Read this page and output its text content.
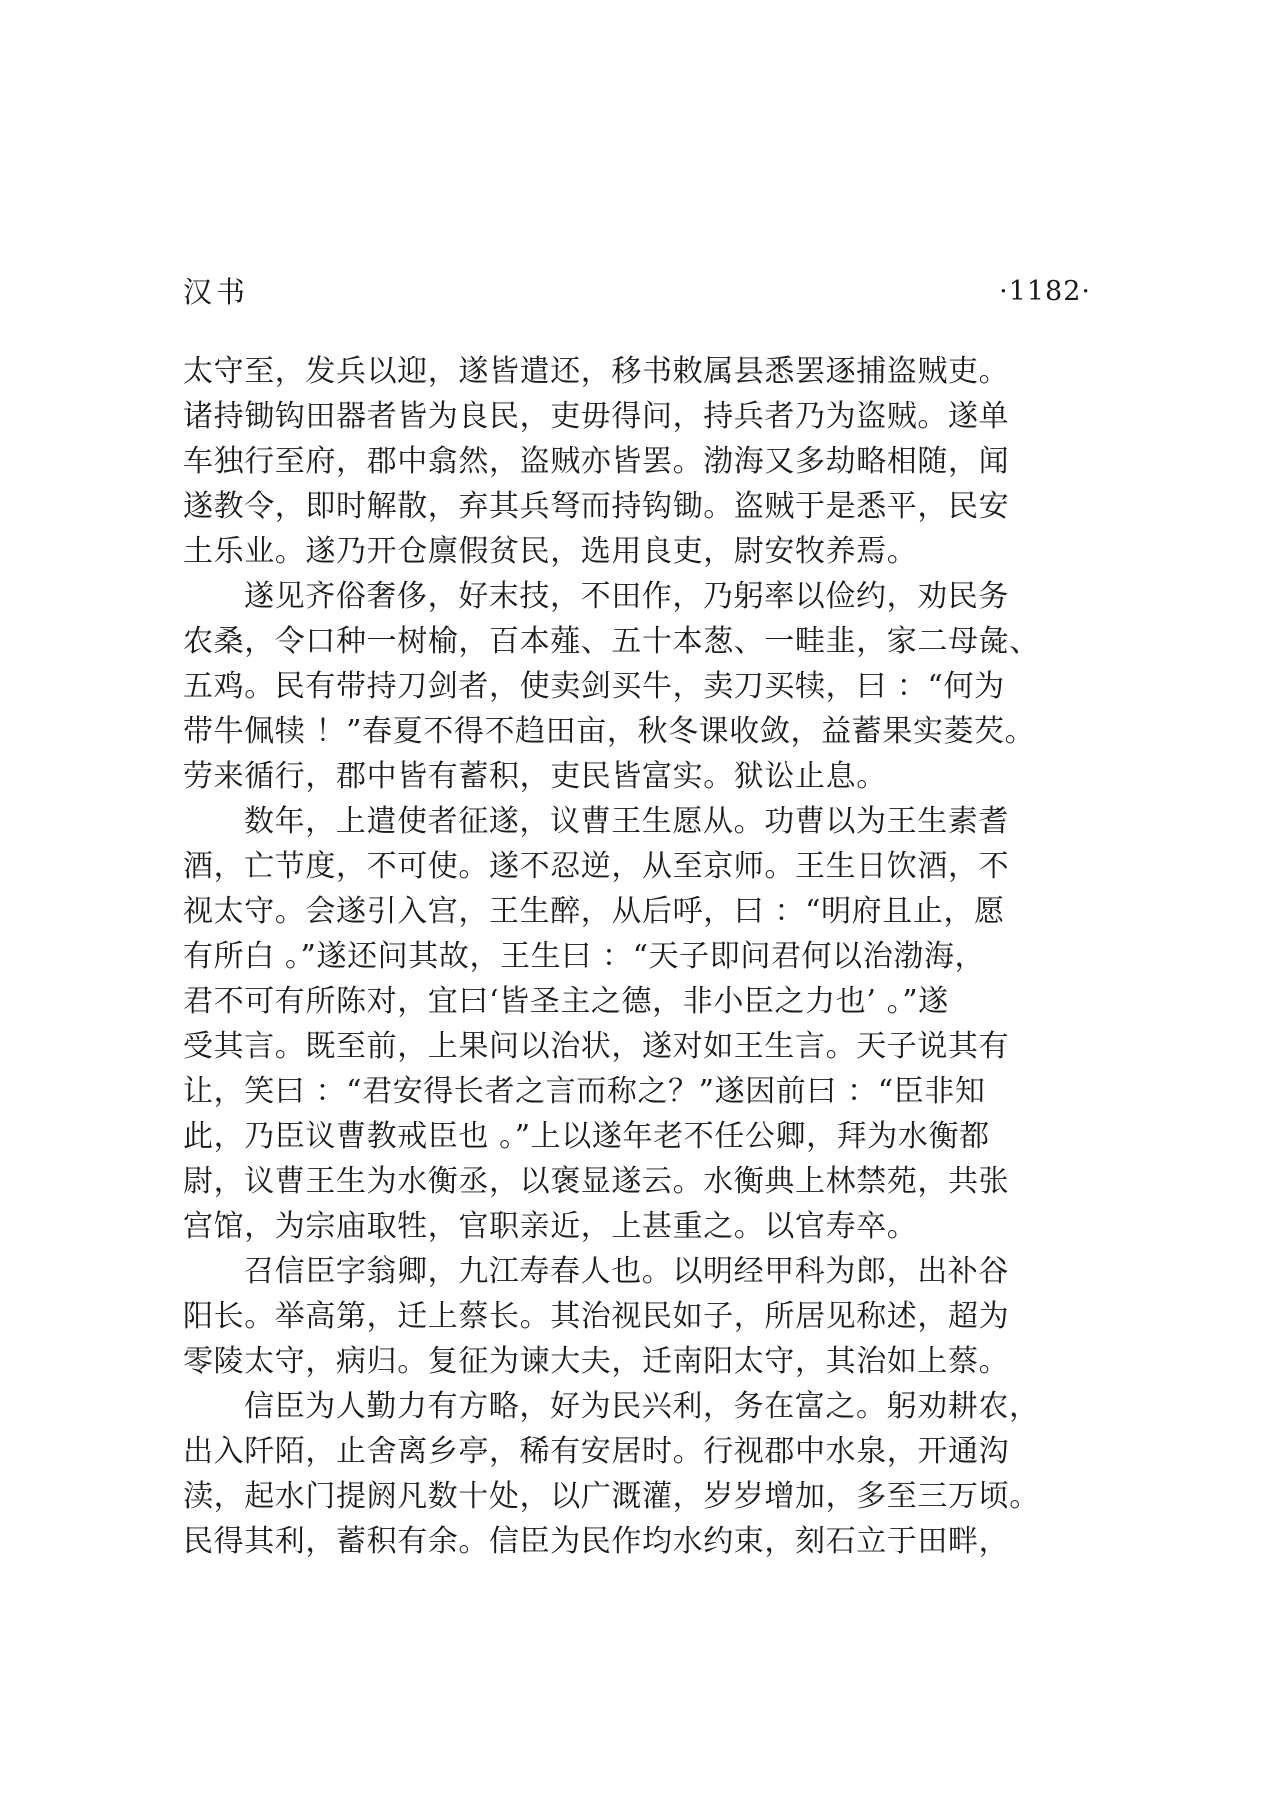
汉书	·1182·
太守至，发兵以迎，遂皆遣还，移书敕属县悉罢逐捕盗贼吏。
诸持锄钩田器者皆为良民，吏毋得问，持兵者乃为盗贼。遂单
车独行至府，郡中翕然，盗贼亦皆罢。渤海又多劫略相随，闻
遂教令，即时解散，弃其兵弩而持钩锄。盗贼于是悉平，民安
土乐业。遂乃开仓廪假贫民，选用良吏，尉安牧养焉。
遂见齐俗奢侈，好末技，不田作，乃躬率以俭约，劝民务
农桑，令口种一树榆，百本薤、五十本葱、一畦韭，家二母彘、
五鸡。民有带持刀剑者，使卖剑买牛，卖刀买犊，曰 ：“何为
带牛佩犊 ！”春夏不得不趋田亩，秋冬课收敛，益蓄果实菱芡。
劳来循行，郡中皆有蓄积，吏民皆富实。狱讼止息。
数年，上遣使者征遂，议曹王生愿从。功曹以为王生素耆
酒，亡节度，不可使。遂不忍逆，从至京师。王生日饮酒，不
视太守。会遂引入宫，王生醉，从后呼，曰 ：“明府且止，愿
有所白 。”遂还问其故，王生曰 ：“天子即问君何以治渤海，
君不可有所陈对，宜曰‘皆圣主之德，非小臣之力也’ 。”遂
受其言。既至前，上果问以治状，遂对如王生言。天子说其有
让，笑曰 ：“君安得长者之言而称之？”遂因前曰 ：“臣非知
此，乃臣议曹教戒臣也 。”上以遂年老不任公卿，拜为水衡都
尉，议曹王生为水衡丞，以褒显遂云。水衡典上林禁苑，共张
宫馆，为宗庙取牲，官职亲近，上甚重之。以官寿卒。
召信臣字翁卿，九江寿春人也。以明经甲科为郎，出补谷
阳长。举高第，迁上蔡长。其治视民如子，所居见称述，超为
零陵太守，病归。复征为谏大夫，迁南阳太守，其治如上蔡。
信臣为人勤力有方略，好为民兴利，务在富之。躬劝耕农，
出入阡陌，止舍离乡亭，稀有安居时。行视郡中水泉，开通沟
渎，起水门提阏凡数十处，以广溉灌，岁岁增加，多至三万顷。
民得其利，蓄积有余。信臣为民作均水约束，刻石立于田畔，
